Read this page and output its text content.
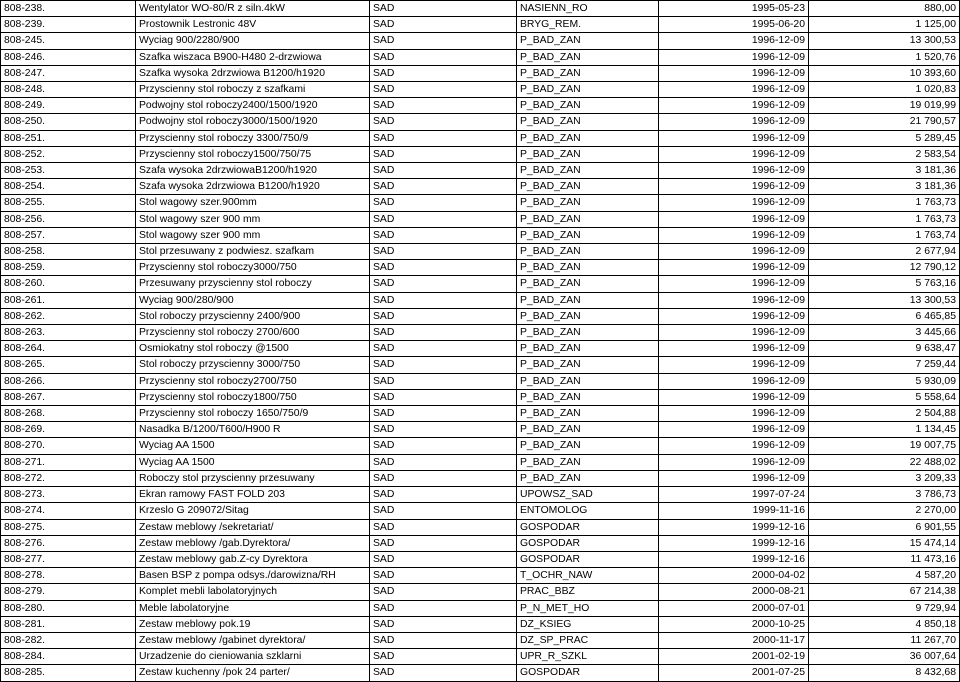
808-238.	Wentylator WO-80/R z siln.4kW	SAD	NASIENN_RO	1995-05-23	880,00
808-239.	Prostownik Lestronic 48V	SAD	BRYG_REM.	1995-06-20	1 125,00
808-245.	Wyciag 900/2280/900	SAD	P_BAD_ZAN	1996-12-09	13 300,53
808-246.	Szafka wiszaca B900-H480 2-drzwiowa	SAD	P_BAD_ZAN	1996-12-09	1 520,76
808-247.	Szafka wysoka 2drzwiowa B1200/h1920	SAD	P_BAD_ZAN	1996-12-09	10 393,60
808-248.	Przyscienny stol roboczy z szafkami	SAD	P_BAD_ZAN	1996-12-09	1 020,83
808-249.	Podwojny stol roboczy2400/1500/1920	SAD	P_BAD_ZAN	1996-12-09	19 019,99
808-250.	Podwojny stol roboczy3000/1500/1920	SAD	P_BAD_ZAN	1996-12-09	21 790,57
808-251.	Przyscienny stol roboczy 3300/750/9	SAD	P_BAD_ZAN	1996-12-09	5 289,45
808-252.	Przyscienny stol roboczy1500/750/75	SAD	P_BAD_ZAN	1996-12-09	2 583,54
808-253.	Szafa wysoka 2drzwiowaB1200/h1920	SAD	P_BAD_ZAN	1996-12-09	3 181,36
808-254.	Szafa wysoka 2drzwiowa B1200/h1920	SAD	P_BAD_ZAN	1996-12-09	3 181,36
808-255.	Stol wagowy szer.900mm	SAD	P_BAD_ZAN	1996-12-09	1 763,73
808-256.	Stol wagowy szer 900 mm	SAD	P_BAD_ZAN	1996-12-09	1 763,73
808-257.	Stol wagowy szer 900 mm	SAD	P_BAD_ZAN	1996-12-09	1 763,74
808-258.	Stol przesuwany z podwiesz. szafkam	SAD	P_BAD_ZAN	1996-12-09	2 677,94
808-259.	Przyscienny stol roboczy3000/750	SAD	P_BAD_ZAN	1996-12-09	12 790,12
808-260.	Przesuwany przyscienny stol roboczy	SAD	P_BAD_ZAN	1996-12-09	5 763,16
808-261.	Wyciag 900/280/900	SAD	P_BAD_ZAN	1996-12-09	13 300,53
808-262.	Stol roboczy przyscienny 2400/900	SAD	P_BAD_ZAN	1996-12-09	6 465,85
808-263.	Przyscienny stol roboczy 2700/600	SAD	P_BAD_ZAN	1996-12-09	3 445,66
808-264.	Osmiokatny stol roboczy @1500	SAD	P_BAD_ZAN	1996-12-09	9 638,47
808-265.	Stol roboczy przyscienny 3000/750	SAD	P_BAD_ZAN	1996-12-09	7 259,44
808-266.	Przyscienny stol roboczy2700/750	SAD	P_BAD_ZAN	1996-12-09	5 930,09
808-267.	Przyscienny stol roboczy1800/750	SAD	P_BAD_ZAN	1996-12-09	5 558,64
808-268.	Przyscienny stol roboczy 1650/750/9	SAD	P_BAD_ZAN	1996-12-09	2 504,88
808-269.	Nasadka B/1200/T600/H900 R	SAD	P_BAD_ZAN	1996-12-09	1 134,45
808-270.	Wyciag AA 1500	SAD	P_BAD_ZAN	1996-12-09	19 007,75
808-271.	Wyciag AA 1500	SAD	P_BAD_ZAN	1996-12-09	22 488,02
808-272.	Roboczy stol przyscienny przesuwany	SAD	P_BAD_ZAN	1996-12-09	3 209,33
808-273.	Ekran ramowy FAST FOLD 203	SAD	UPOWSZ_SAD	1997-07-24	3 786,73
808-274.	Krzeslo G 209072/Sitag	SAD	ENTOMOLOG	1999-11-16	2 270,00
808-275.	Zestaw meblowy /sekretariat/	SAD	GOSPODAR	1999-12-16	6 901,55
808-276.	Zestaw meblowy /gab.Dyrektora/	SAD	GOSPODAR	1999-12-16	15 474,14
808-277.	Zestaw meblowy gab.Z-cy Dyrektora	SAD	GOSPODAR	1999-12-16	11 473,16
808-278.	Basen BSP z pompa odsys./darowizna/RH	SAD	T_OCHR_NAW	2000-04-02	4 587,20
808-279.	Komplet mebli labolatoryjnych	SAD	PRAC_BBZ	2000-08-21	67 214,38
808-280.	Meble labolatoryjne	SAD	P_N_MET_HO	2000-07-01	9 729,94
808-281.	Zestaw meblowy pok.19	SAD	DZ_KSIEG	2000-10-25	4 850,18
808-282.	Zestaw meblowy /gabinet dyrektora/	SAD	DZ_SP_PRAC	2000-11-17	11 267,70
808-284.	Urzadzenie do cieniowania szklarni	SAD	UPR_R_SZKL	2001-02-19	36 007,64
808-285.	Zestaw kuchenny /pok 24 parter/	SAD	GOSPODAR	2001-07-25	8 432,68
